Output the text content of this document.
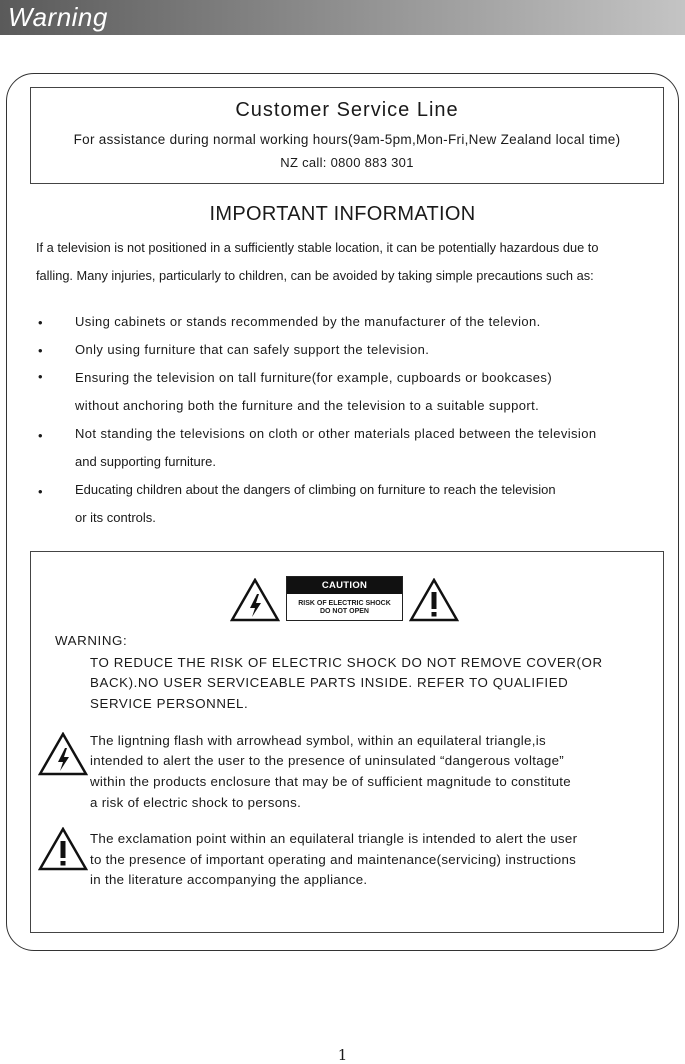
Warning
Customer Service Line
For assistance during normal working hours(9am-5pm,Mon-Fri,New Zealand local time)
NZ call: 0800 883 301
IMPORTANT INFORMATION
If a television is not positioned in a sufficiently stable location, it can be potentially hazardous due to
falling. Many injuries, particularly to children, can be avoided by taking simple precautions such as:
• Using cabinets or stands recommended by the manufacturer of the televion.
• Only using furniture that can safely support the television.
• Ensuring the television on tall furniture(for example, cupboards or bookcases)
without anchoring both the furniture and the television to a suitable support.
• Not standing the televisions on cloth or other materials placed between the television
and supporting furniture.
• Educating children about the dangers of climbing on furniture to reach the television
or its controls.
CAUTION
RISK OF ELECTRIC SHOCK
DO NOT OPEN
WARNING:
TO REDUCE THE RISK OF ELECTRIC SHOCK DO NOT REMOVE COVER(OR
BACK).NO USER SERVICEABLE PARTS INSIDE. REFER TO QUALIFIED
SERVICE PERSONNEL.
The ligntning flash with arrowhead symbol, within an equilateral triangle,is
intended to alert the user to the presence of uninsulated “dangerous voltage”
within the products enclosure that may be of sufficient magnitude to constitute
a risk of electric shock to persons.
The exclamation point within an equilateral triangle is intended to alert the user
to the presence of important operating and maintenance(servicing) instructions
in the literature accompanying the appliance.
1
